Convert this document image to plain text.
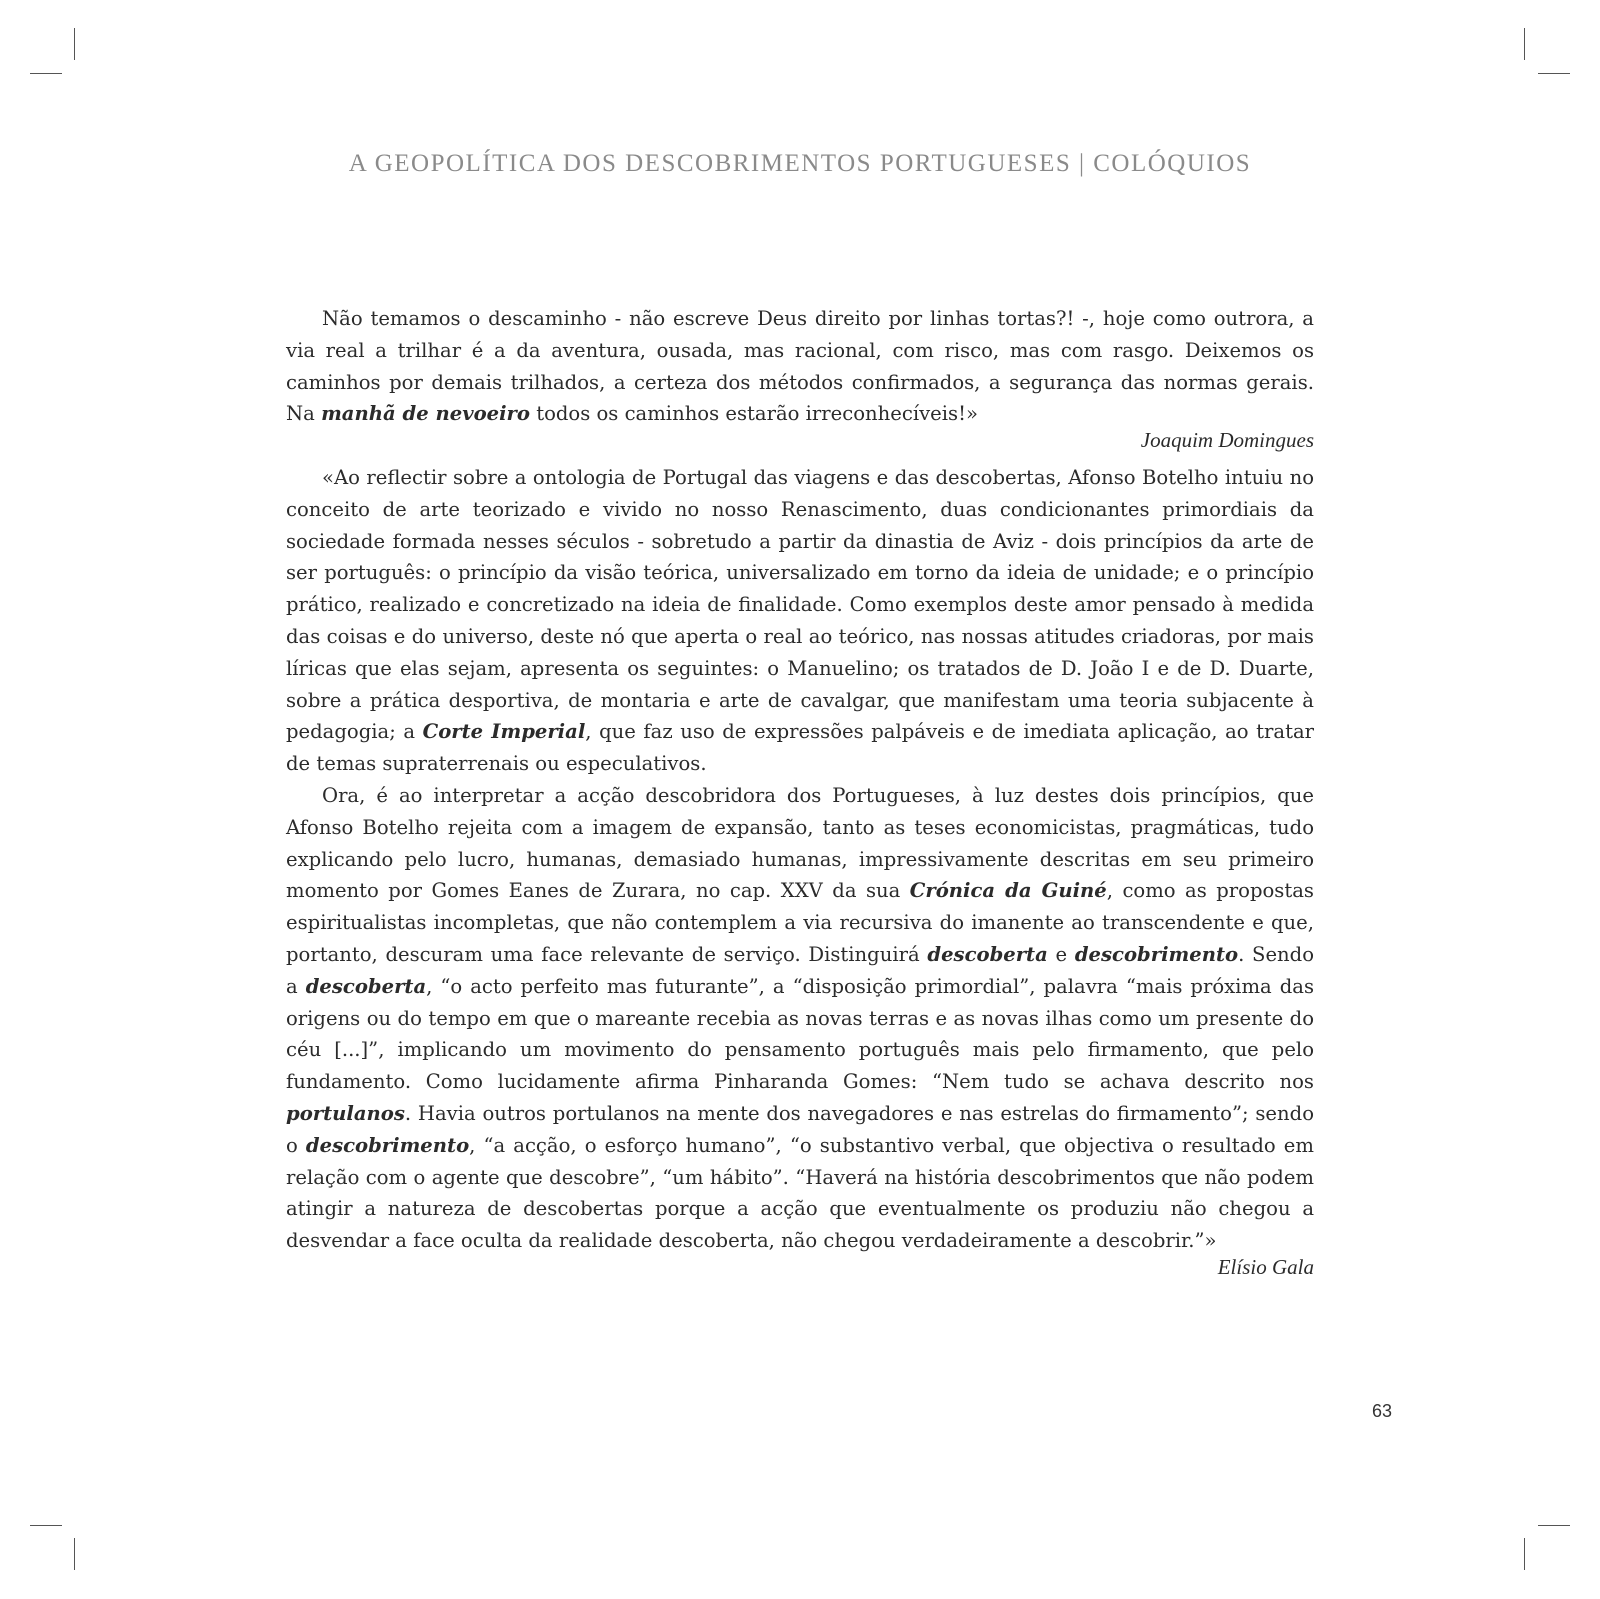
A GEOPOLÍTICA DOS DESCOBRIMENTOS PORTUGUESES | COLÓQUIOS

Não temamos o descaminho - não escreve Deus direito por linhas tortas?! -, hoje como outrora, a via real a trilhar é a da aventura, ousada, mas racional, com risco, mas com rasgo. Deixemos os caminhos por demais trilhados, a certeza dos métodos confirmados, a segurança das normas gerais. Na manhã de nevoeiro todos os caminhos estarão irreconhecíveis!»

Joaquim Domingues

«Ao reflectir sobre a ontologia de Portugal das viagens e das descobertas, Afonso Botelho intuiu no conceito de arte teorizado e vivido no nosso Renascimento, duas condicionantes primordiais da sociedade formada nesses séculos - sobretudo a partir da dinastia de Aviz - dois princípios da arte de ser português: o princípio da visão teórica, universalizado em torno da ideia de unidade; e o princípio prático, realizado e concretizado na ideia de finalidade. Como exemplos deste amor pensado à medida das coisas e do universo, deste nó que aperta o real ao teórico, nas nossas atitudes criadoras, por mais líricas que elas sejam, apresenta os seguintes: o Manuelino; os tratados de D. João I e de D. Duarte, sobre a prática desportiva, de montaria e arte de cavalgar, que manifestam uma teoria subjacente à pedagogia; a Corte Imperial, que faz uso de expressões palpáveis e de imediata aplicação, ao tratar de temas supraterrenais ou especulativos.

Ora, é ao interpretar a acção descobridora dos Portugueses, à luz destes dois princípios, que Afonso Botelho rejeita com a imagem de expansão, tanto as teses economicistas, pragmáticas, tudo explicando pelo lucro, humanas, demasiado humanas, impressivamente descritas em seu primeiro momento por Gomes Eanes de Zurara, no cap. XXV da sua Crónica da Guiné, como as propostas espiritualistas incompletas, que não contemplem a via recursiva do imanente ao transcendente e que, portanto, descuram uma face relevante de serviço. Distinguirá descoberta e descobrimento. Sendo a descoberta, “o acto perfeito mas futurante”, a “disposição primordial”, palavra “mais próxima das origens ou do tempo em que o mareante recebia as novas terras e as novas ilhas como um presente do céu [...]”, implicando um movimento do pensamento português mais pelo firmamento, que pelo fundamento. Como lucidamente afirma Pinharanda Gomes: “Nem tudo se achava descrito nos portulanos. Havia outros portulanos na mente dos navegadores e nas estrelas do firmamento”; sendo o descobrimento, “a acção, o esforço humano”, “o substantivo verbal, que objectiva o resultado em relação com o agente que descobre”, “um hábito”. “Haverá na história descobrimentos que não podem atingir a natureza de descobertas porque a acção que eventualmente os produziu não chegou a desvendar a face oculta da realidade descoberta, não chegou verdadeiramente a descobrir.”»

Elísio Gala
63
